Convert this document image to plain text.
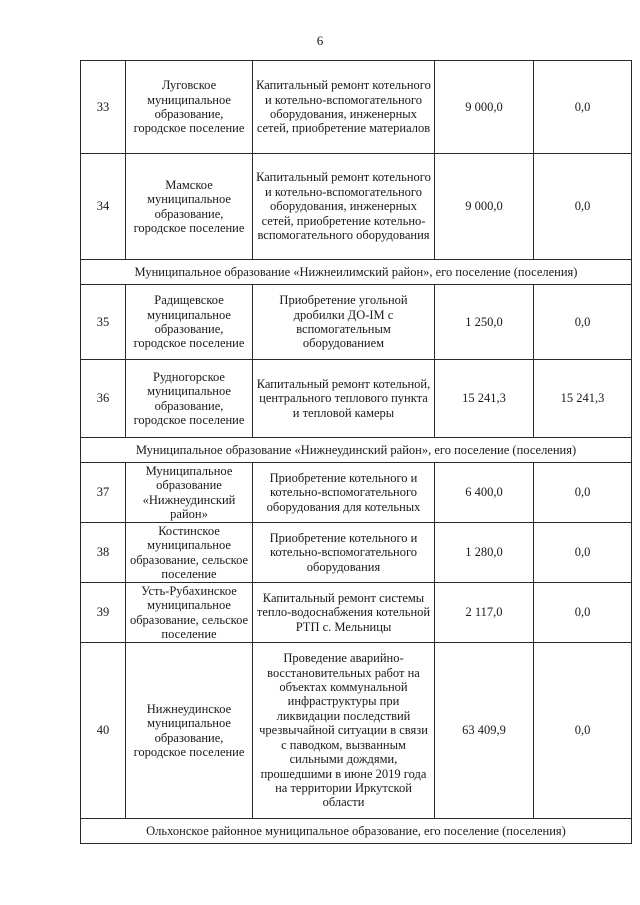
6
33	Луговское муниципальное образование, городское поселение	Капитальный ремонт котельного и котельно-вспомогательного оборудования, инженерных сетей, приобретение материалов	9 000,0	0,0
34	Мамское муниципальное образование, городское поселение	Капитальный ремонт котельного и котельно-вспомогательного оборудования, инженерных сетей, приобретение котельно-вспомогательного оборудования	9 000,0	0,0
Муниципальное образование «Нижнеилимский район», его поселение (поселения)				
35	Радищевское муниципальное образование, городское поселение	Приобретение угольной дробилки ДО-IM с вспомогательным оборудованием	1 250,0	0,0
36	Рудногорское муниципальное образование, городское поселение	Капитальный ремонт котельной, центрального теплового пункта и тепловой камеры	15 241,3	15 241,3
Муниципальное образование «Нижнеудинский район», его поселение (поселения)				
37	Муниципальное образование «Нижнеудинский район»	Приобретение котельного и котельно-вспомогательного оборудования для котельных	6 400,0	0,0
38	Костинское муниципальное образование, сельское поселение	Приобретение котельного и котельно-вспомогательного оборудования	1 280,0	0,0
39	Усть-Рубахинское муниципальное образование, сельское поселение	Капитальный ремонт системы тепло-водоснабжения котельной РТП с. Мельницы	2 117,0	0,0
40	Нижнеудинское муниципальное образование, городское поселение	Проведение аварийно-восстановительных работ на объектах коммунальной инфраструктуры при ликвидации последствий чрезвычайной ситуации в связи с паводком, вызванным сильными дождями, прошедшими в июне 2019 года на территории Иркутской области	63 409,9	0,0
Ольхонское районное муниципальное образование, его поселение (поселения)				
